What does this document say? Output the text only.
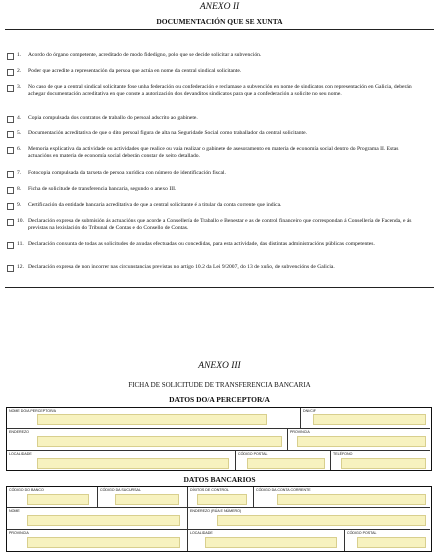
ANEXO II
DOCUMENTACIÓN QUE SE XUNTA
1. Acordo do órgano competente, acreditado de modo fidedigno, polo que se decide solicitar a subvención.
2. Poder que acredite a representación da persoa que actúa en nome da central sindical solicitante.
3. No caso de que a central sindical solicitante fose unha federación ou confederación e reclamase a subvención en nome de sindicatos con representación en Galicia, deberán achegar documentación acreditativa en que conste a autorización dos devanditos sindicatos para que a confederación a solicite no seu nome.
4. Copia compulsada dos contratos de traballo do persoal adscrito ao gabinete.
5. Documentación acreditativa de que o dito persoal figura de alta na Seguridade Social como traballador da central solicitante.
6. Memoria explicativa da actividade ou actividades que realice ou vaia realizar o gabinete de asesoramento en materia de economía social dentro do Programa II. Estas actuacións en materia de economía social deberán constar de xeito detallado.
7. Fotocopia compulsada da tarxeta de persoa xurídica con número de identificación fiscal.
8. Ficha de solicitude de transferencia bancaria, segundo o anexo III.
9. Certificación da entidade bancaria acreditativa de que a central solicitante é a titular da conta corrente que indica.
10. Declaración expresa de submisión ás actuacións que acorde a Consellería de Traballo e Benestar e as de control financeiro que correspondan á Consellería de Facenda, e ás previstas na lexislación do Tribunal de Contas e do Consello de Contas.
11. Declaración conxunta de todas as solicitudes de axudas efectuadas ou concedidas, para esta actividade, das distintas administracións públicas competentes.
12. Declaración expresa de non incorrer nas circunstancias previstas no artigo 10.2 da Lei 9/2007, do 13 de xuño, de subvencións de Galicia.
ANEXO III
FICHA DE SOLICITUDE DE TRANSFERENCIA BANCARIA
DATOS DO/A PERCEPTOR/A
NOME DO/A PERCEPTOR/A	DNI/CIF
ENDEREZO	PROVINCIA
LOCALIDADE	CÓDIGO POSTAL	TELÉFONO
DATOS BANCARIOS
CÓDIGO DO BANCO	CÓDIGO DA SUCURSAL	DÍXITOS DE CONTROL	CÓDIGO DA CONTA CORRENTE
NOME	ENDEREZO (RÚA E NÚMERO)
PROVINCIA	LOCALIDADE	CÓDIGO POSTAL
